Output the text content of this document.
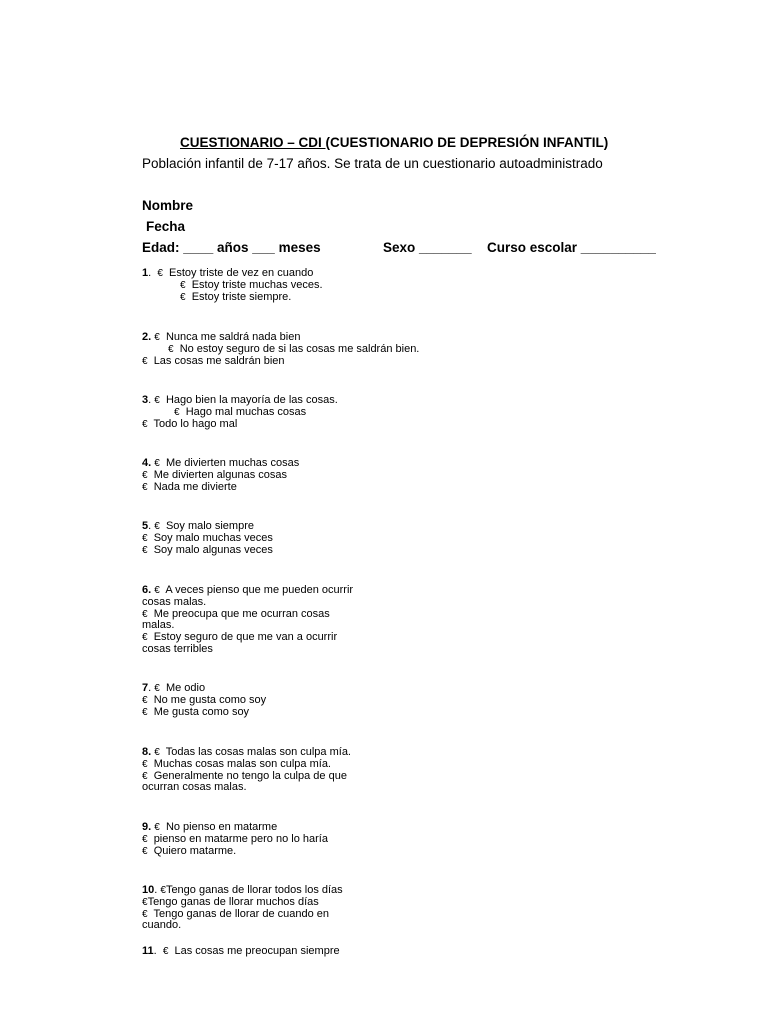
CUESTIONARIO – CDI (CUESTIONARIO DE DEPRESIÓN INFANTIL)
Población infantil de 7-17 años. Se trata de un cuestionario autoadministrado
Nombre
Fecha
Edad: ____ años ___ meses	Sexo _______ Curso escolar __________
1. € Estoy triste de vez en cuando
€ Estoy triste muchas veces.
€ Estoy triste siempre.
2. € Nunca me saldrá nada bien
€ No estoy seguro de si las cosas me saldrán bien.
€ Las cosas me saldrán bien
3. € Hago bien la mayoría de las cosas.
€ Hago mal muchas cosas
€ Todo lo hago mal
4. € Me divierten muchas cosas
€ Me divierten algunas cosas
€ Nada me divierte
5. € Soy malo siempre
€ Soy malo muchas veces
€ Soy malo algunas veces
6. € A veces pienso que me pueden ocurrir
cosas malas.
€ Me preocupa que me ocurran cosas
malas.
€ Estoy seguro de que me van a ocurrir
cosas terribles
7. € Me odio
€ No me gusta como soy
€ Me gusta como soy
8. € Todas las cosas malas son culpa mía.
€ Muchas cosas malas son culpa mía.
€ Generalmente no tengo la culpa de que
ocurran cosas malas.
9. € No pienso en matarme
€ pienso en matarme pero no lo haría
€ Quiero matarme.
10. €Tengo ganas de llorar todos los días
€Tengo ganas de llorar muchos días
€ Tengo ganas de llorar de cuando en
cuando.
11. € Las cosas me preocupan siempre
